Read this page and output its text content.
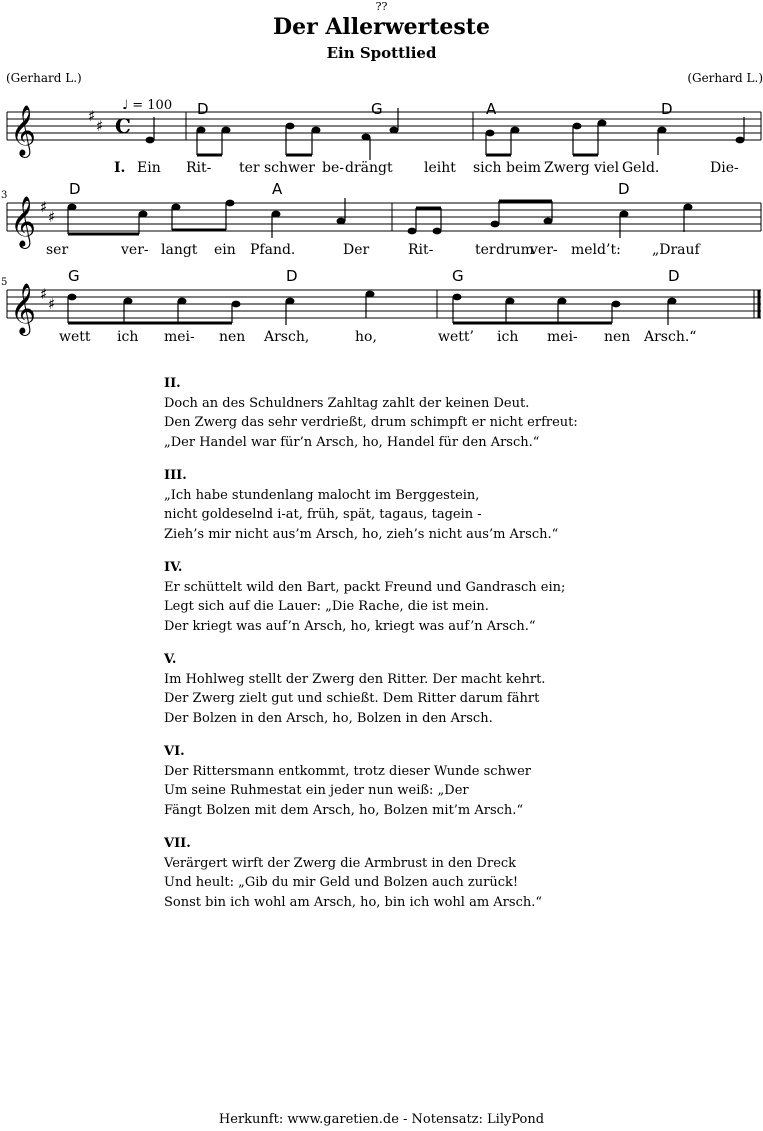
??
Der Allerwerteste
Ein Spottlied
(Gerhard L.)	(Gerhard L.)
𝄞
𝄞
𝄞
♯
♯
♯
♯
♯
♯
C
3
5
♩ = 100 D	G	A	D
D	A	D
G	D	G	D
I. Ein Rit- ter schwer be- drängt leiht sich beim Zwerg viel Geld.	Die-
ser	ver- langt ein Pfand.	Der	Rit-	ter drum
ver- meld’t: „Drauf
wett ich mei- nen Arsch,	ho,	wett’ ich mei- nen Arsch.“
II.
Doch an des Schuldners Zahltag zahlt der keinen Deut.
Den Zwerg das sehr verdrießt, drum schimpft er nicht erfreut:
„Der Handel war für’n Arsch, ho, Handel für den Arsch.“
III.
„Ich habe stundenlang malocht im Berggestein,
nicht goldeselnd i-at, früh, spät, tagaus, tagein -
Zieh’s mir nicht aus’m Arsch, ho, zieh’s nicht aus’m Arsch.“
IV.
Er schüttelt wild den Bart, packt Freund und Gandrasch ein;
Legt sich auf die Lauer: „Die Rache, die ist mein.
Der kriegt was auf’n Arsch, ho, kriegt was auf’n Arsch.“
V.
Im Hohlweg stellt der Zwerg den Ritter. Der macht kehrt.
Der Zwerg zielt gut und schießt. Dem Ritter darum fährt
Der Bolzen in den Arsch, ho, Bolzen in den Arsch.
VI.
Der Rittersmann entkommt, trotz dieser Wunde schwer
Um seine Ruhmestat ein jeder nun weiß: „Der
Fängt Bolzen mit dem Arsch, ho, Bolzen mit’m Arsch.“
VII.
Verärgert wirft der Zwerg die Armbrust in den Dreck
Und heult: „Gib du mir Geld und Bolzen auch zurück!
Sonst bin ich wohl am Arsch, ho, bin ich wohl am Arsch.“
Herkunft: www.garetien.de - Notensatz: LilyPond
